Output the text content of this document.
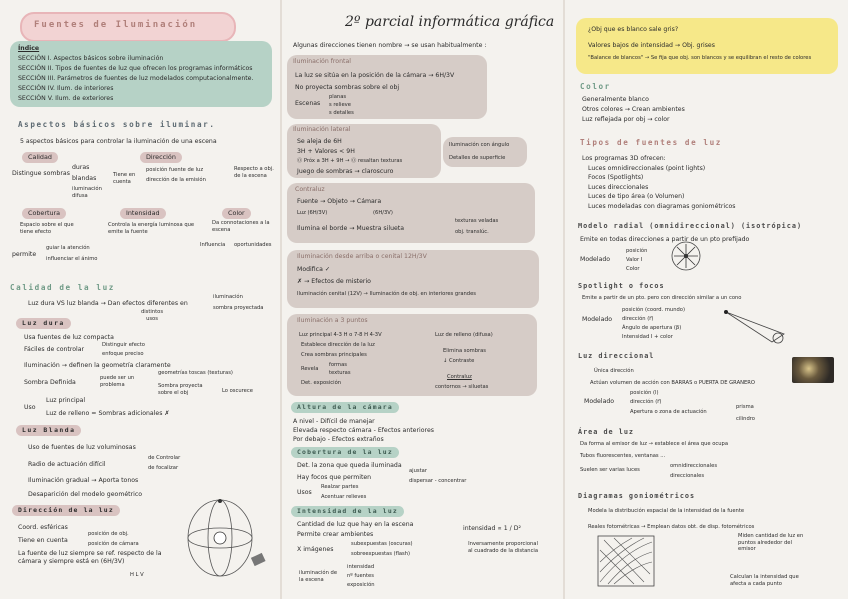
Fuentes de Iluminación
Índice
SECCIÓN I. Aspectos básicos sobre iluminación
SECCIÓN II. Tipos de fuentes de luz que ofrecen los programas informáticos
SECCIÓN III. Parámetros de fuentes de luz modelados computacionalmente.
SECCIÓN IV. Ilum. de interiores
SECCIÓN V. Ilum. de exteriores
Aspectos básicos sobre iluminar.
5 aspectos básicos para controlar la iluminación de una escena
Calidad
Distingue sombras
duras
blandas
iluminación difusa
Dirección
Tiene en cuenta
posición fuente de luz
dirección de la emisión
Respecto a obj. de la escena
Cobertura
Espacio sobre el que tiene efecto
permite
guiar la atención
influenciar el ánimo
Intensidad
Controla la energía luminosa que emite la fuente
Color
Da connotaciones a la escena
Influencia oportunidades
Calidad de la luz
Luz dura VS luz blanda → Dan efectos diferentes en
iluminación
sombra proyectada
distintos usos
Luz dura
Usa fuentes de luz compacta
Fáciles de controlar
Distinguir efecto
enfoque preciso
Iluminación → definen la geometría claramente
geometrías toscas (texturas)
Sombra Definida
puede ser un problema	Sombra proyecta sobre el obj	Lo oscurece
Uso
Luz principal
Luz de relleno = Sombras adicionales ✗
Luz Blanda
Uso de fuentes de luz voluminosas
Radio de actuación difícil
de Controlar
de focalizar
Iluminación gradual → Aporta tonos
Desaparición del modelo geométrico
Dirección de la luz
Coord. esféricas
Tiene en cuenta
posición de obj.
posición de cámara
La fuente de luz siempre se ref. respecto de la cámara y siempre está en (6H/3V)
H L V
2º parcial informática gráfica
Algunas direcciones tienen nombre → se usan habitualmente :
Iluminación frontal
La luz se sitúa en la posición de la cámara → 6H/3V
No proyecta sombras sobre el obj
Escenas
planas
s relieve
s detalles
Iluminación lateral
Se aleja de 6H
3H + Valores < 9H
Ⓞ Próx a 3H + 9H → Ⓞ resaltan texturas
Juego de sombras → claroscuro
Iluminación con ángulo
Detalles de superficie
Contraluz
Fuente → Objeto → Cámara
Luz (6H/3V)	(6H/3V)
Ilumina el borde → Muestra silueta
texturas veladas
obj. translúc.
Iluminación desde arriba o cenital 12H/3V
Modifica ✓
✗ → Efectos de misterio
Iluminación cenital (12V) → Iluminación de obj. en interiores grandes
Iluminación a 3 puntos
Luz principal 4-3 H o 7-8 H 4-3V
Establece dirección de la luz
Crea sombras principales
Revela
formas
texturas
Det. exposición
Luz de relleno (difusa)
Elimina sombras
↓ Contraste
Contraluz
contornos → siluetas
Altura de la cámara
A nivel - Difícil de manejar
Elevada respecto cámara - Efectos anteriores
Por debajo - Efectos extraños
Cobertura de la luz
Det. la zona que queda iluminada
Hay focos que permiten
ajustar
dispersar - concentrar
Usos
Realzar partes
Acentuar relieves
Intensidad de la luz
Cantidad de luz que hay en la escena
Permite crear ambientes
X imágenes
subexpuestas (oscuras)
sobreexpuestas (flash)
intensidad ∝ 1 / D²
Inversamente proporcional al cuadrado de la distancia
iluminación de la escena
intensidad
nº fuentes
exposición
¿Obj que es blanco sale gris?
Valores bajos de intensidad → Obj. grises
"Balance de blancos" → Se fija que obj. son blancos y se equilibran el resto de colores
Color
Generalmente blanco
Otros colores → Crean ambientes
Luz reflejada por obj → color
Tipos de fuentes de luz
Los programas 3D ofrecen:
Luces omnidireccionales (point lights)
Focos (Spotlights)
Luces direccionales
Luces de tipo área (o Volumen)
Luces modeladas con diagramas goniométricos
Modelo radial (omnidireccional) (isotrópica)
Emite en todas direcciones a partir de un pto prefijado
Modelado
posición
Valor I
Color
Spotlight o focos
Emite a partir de un pto. pero con dirección similar a un cono
Modelado
posición (coord. mundo)
dirección (r⃗)
Ángulo de apertura (β)
Intensidad I + color
Luz direccional
Única dirección
Actúan volumen de acción con BARRAS o PUERTA DE GRANERO
Modelado
posición (l)
dirección (r⃗)
Apertura o zona de actuación
prisma
cilindro
Área de luz
Da forma al emisor de luz → establece el área que ocupa
Tubos fluorescentes, ventanas ...
Suelen ser varias luces
omnidireccionales
direccionales
Diagramas goniométricos
Modela la distribución espacial de la intensidad de la fuente
Reales fotométricas → Emplean datos obt. de disp. fotométricos
Miden cantidad de luz en puntos alrededor del emisor
Calculan la intensidad que afecta a cada punto
